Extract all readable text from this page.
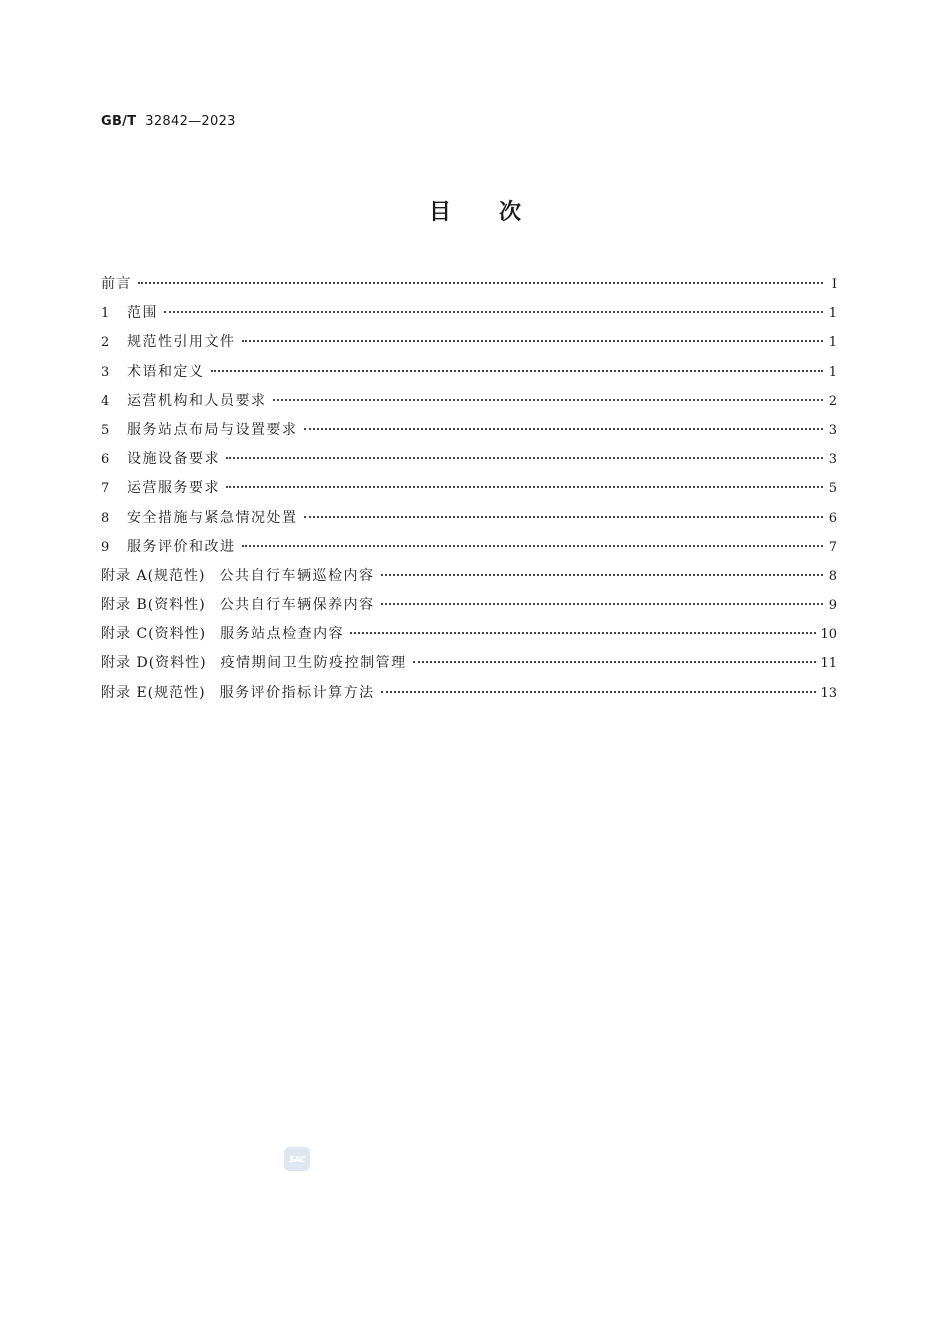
GB/T 32842—2023
目次
前言	Ⅰ
1	范围	1
2	规范性引用文件	1
3	术语和定义	1
4	运营机构和人员要求	2
5	服务站点布局与设置要求	3
6	设施设备要求	3
7	运营服务要求	5
8	安全措施与紧急情况处置	6
9	服务评价和改进	7
附录 A (规范性) 公共自行车辆巡检内容	8
附录 B (资料性) 公共自行车辆保养内容	9
附录 C (资料性) 服务站点检查内容	10
附录 D (资料性) 疫情期间卫生防疫控制管理	11
附录 E (规范性) 服务评价指标计算方法	13
SAC
